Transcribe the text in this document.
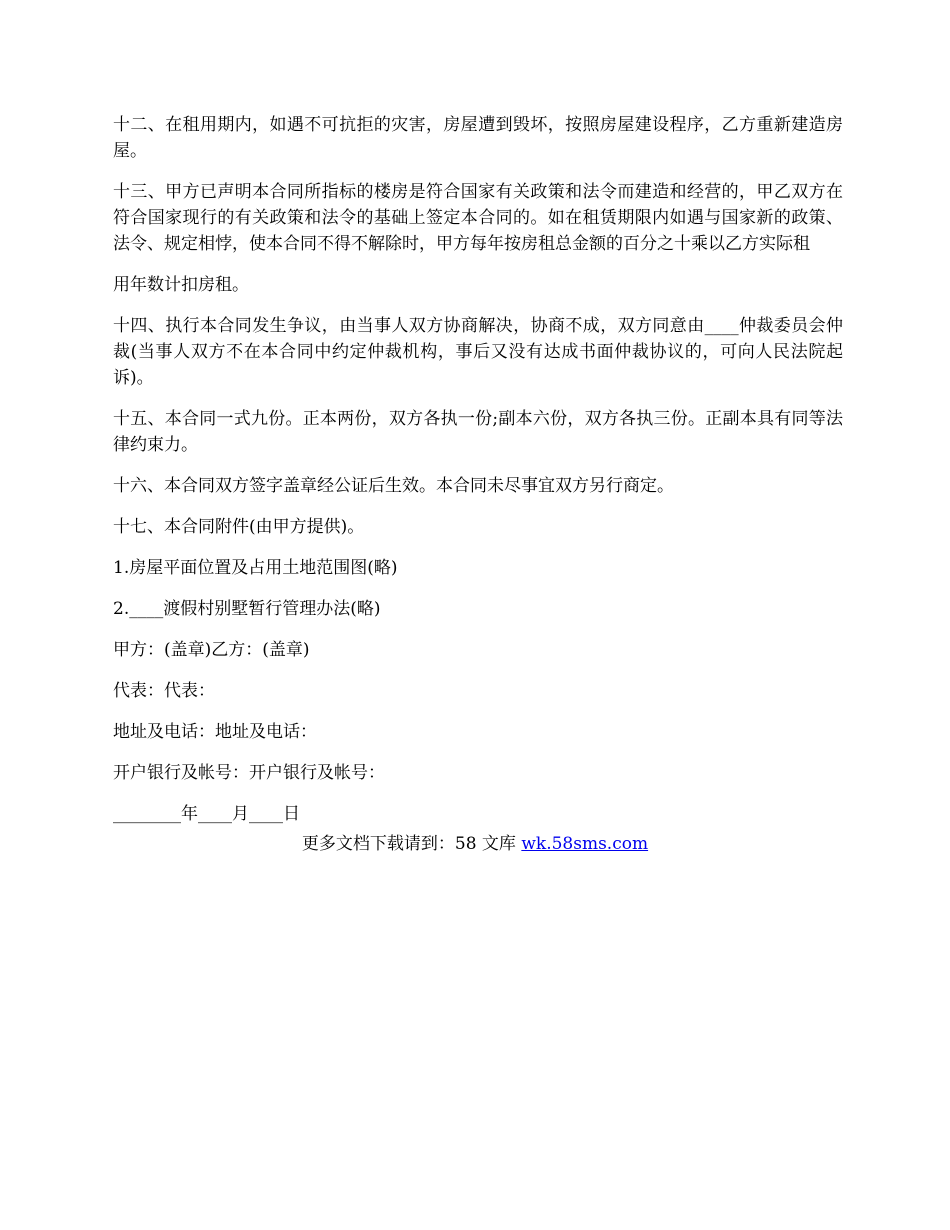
十二、在租用期内，如遇不可抗拒的灾害，房屋遭到毁坏，按照房屋建设程序，乙方重新建造房屋。

十三、甲方已声明本合同所指标的楼房是符合国家有关政策和法令而建造和经营的，甲乙双方在符合国家现行的有关政策和法令的基础上签定本合同的。如在租赁期限内如遇与国家新的政策、法令、规定相悖，使本合同不得不解除时，甲方每年按房租总金额的百分之十乘以乙方实际租

用年数计扣房租。

十四、执行本合同发生争议，由当事人双方协商解决，协商不成，双方同意由____仲裁委员会仲裁(当事人双方不在本合同中约定仲裁机构，事后又没有达成书面仲裁协议的，可向人民法院起诉)。

十五、本合同一式九份。正本两份，双方各执一份;副本六份，双方各执三份。正副本具有同等法律约束力。

十六、本合同双方签字盖章经公证后生效。本合同未尽事宜双方另行商定。

十七、本合同附件(由甲方提供)。

1.房屋平面位置及占用土地范围图(略)

2.____渡假村别墅暂行管理办法(略)

甲方：(盖章)乙方：(盖章)

代表：代表：

地址及电话：地址及电话：

开户银行及帐号：开户银行及帐号：

________年____月____日

更多文档下载请到：58 文库 wk.58sms.com
